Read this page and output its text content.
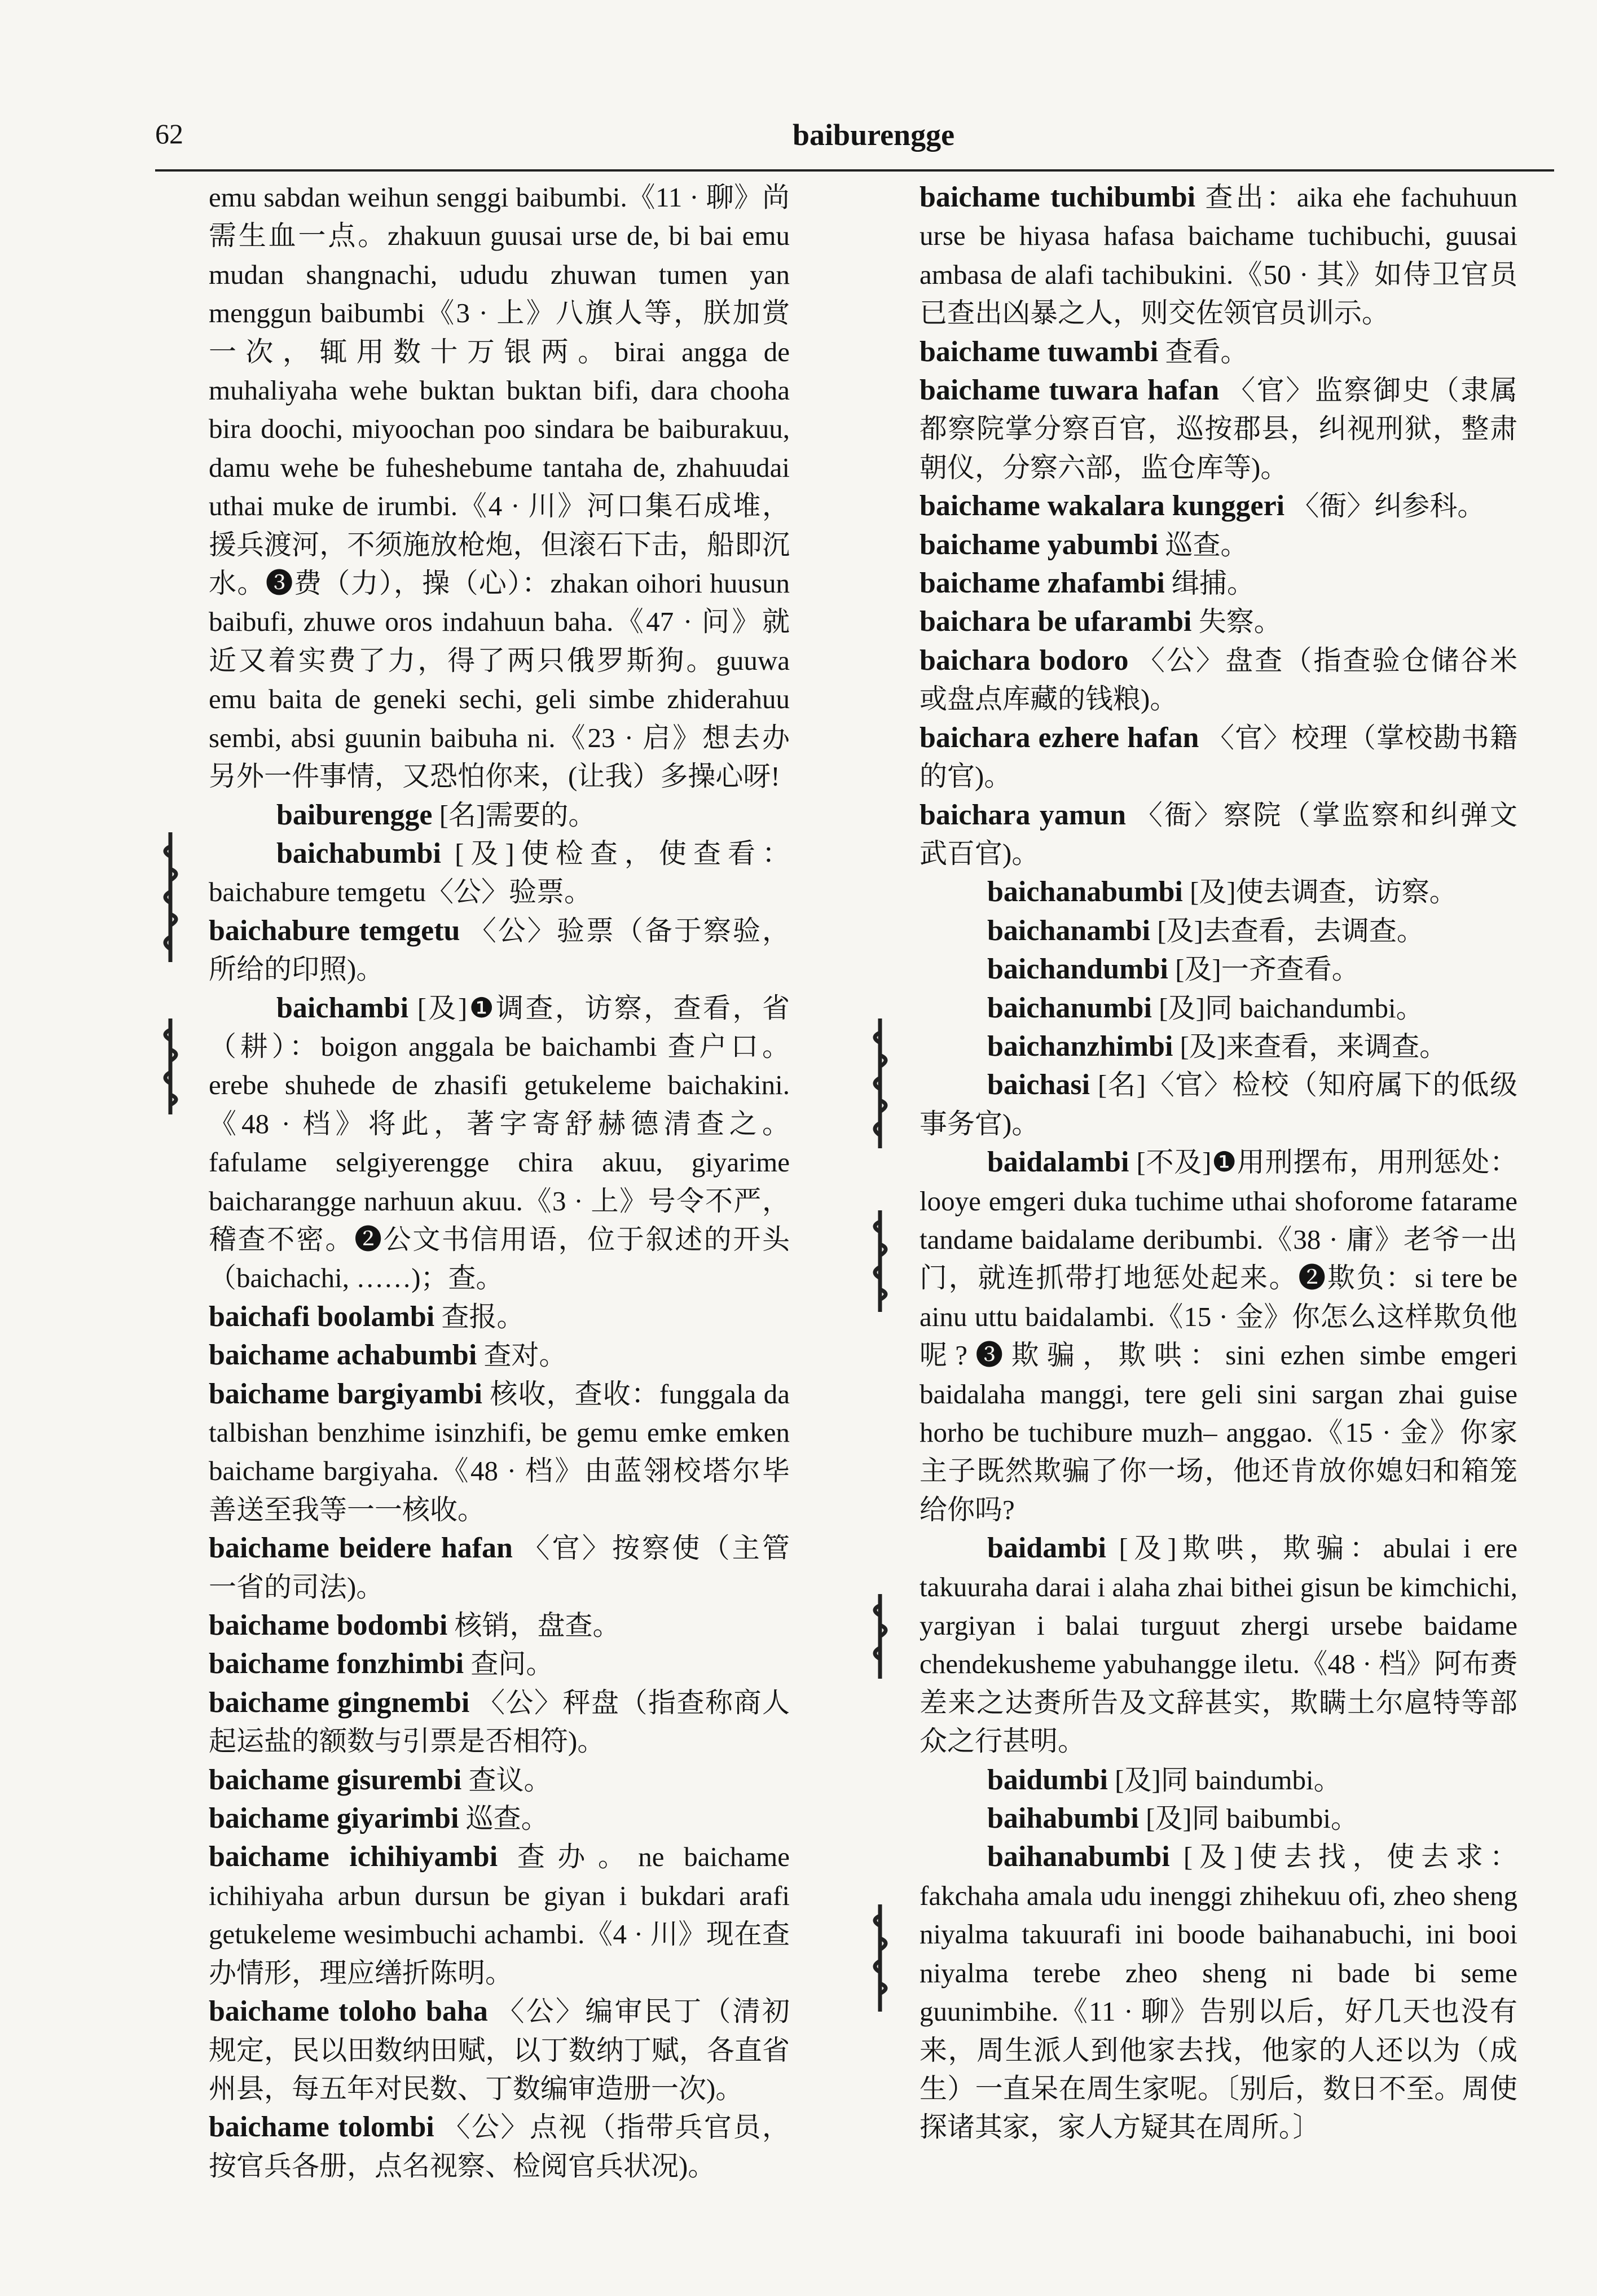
62	baiburengge

emu sabdan weihun senggi baibumbi.《11 · 聊》尚需生血一点。zhakuun guusai urse de, bi bai emu mudan shangnachi, ududu zhuwan tumen yan menggun baibumbi《3 · 上》八旗人等，朕加赏一次，辄用数十万银两。birai angga de muhaliyaha wehe buktan buktan bifi, dara chooha bira doochi, miyoochan poo sindara be baiburakuu, damu wehe be fuheshebume tantaha de, zhahuudai uthai muke de irumbi.《4 · 川》河口集石成堆，援兵渡河，不须施放枪炮，但滚石下击，船即沉水。❸费（力），操（心）：zhakan oihori huusun baibufi, zhuwe oros indahuun baha.《47 · 问》就近又着实费了力，得了两只俄罗斯狗。guuwa emu baita de geneki sechi, geli simbe zhiderahuu sembi, absi guunin baibuha ni.《23 · 启》想去办另外一件事情，又恐怕你来，(让我）多操心呀!

baiburengge [名]需要的。

baichabumbi [及]使检查，使查看：baichabure temgetu〈公〉验票。

baichabure temgetu 〈公〉验票（备于察验，所给的印照)。

baichambi [及]❶调查，访察，查看，省（耕）：boigon anggala be baichambi 查户口。erebe shuhede de zhasifi getukeleme baichakini.《48 · 档》将此，著字寄舒赫德清查之。fafulame selgiyerengge chira akuu, giyarime baicharangge narhuun akuu.《3 · 上》号令不严，稽查不密。❷公文书信用语，位于叙述的开头（baichachi, ……)；查。

baichafi boolambi 查报。

baichame achabumbi 查对。

baichame bargiyambi 核收，查收：funggala da talbishan benzhime isinzhifi, be gemu emke emken baichame bargiyaha.《48 · 档》由蓝翎校塔尔毕善送至我等一一核收。

baichame beidere hafan 〈官〉按察使（主管一省的司法)。

baichame bodombi 核销，盘查。

baichame fonzhimbi 查问。

baichame gingnembi 〈公〉秤盘（指查称商人起运盐的额数与引票是否相符)。

baichame gisurembi 查议。

baichame giyarimbi 巡查。

baichame ichihiyambi 查办。ne baichame ichihiyaha arbun dursun be giyan i bukdari arafi getukeleme wesimbuchi achambi.《4 · 川》现在查办情形，理应缮折陈明。

baichame toloho baha 〈公〉编审民丁（清初规定，民以田数纳田赋，以丁数纳丁赋，各直省州县，每五年对民数、丁数编审造册一次)。

baichame tolombi 〈公〉点视（指带兵官员，按官兵各册，点名视察、检阅官兵状况)。

baichame tuchibumbi 查出：aika ehe fachuhuun urse be hiyasa hafasa baichame tuchibuchi, guusai ambasa de alafi tachibukini.《50 · 其》如侍卫官员已查出凶暴之人，则交佐领官员训示。

baichame tuwambi 查看。

baichame tuwara hafan 〈官〉监察御史（隶属都察院掌分察百官，巡按郡县，纠视刑狱，整肃朝仪，分察六部，监仓库等)。

baichame wakalara kunggeri 〈衙〉纠参科。

baichame yabumbi 巡查。

baichame zhafambi 缉捕。

baichara be ufarambi 失察。

baichara bodoro 〈公〉盘查（指查验仓储谷米或盘点库藏的钱粮)。

baichara ezhere hafan 〈官〉校理（掌校勘书籍的官)。

baichara yamun 〈衙〉察院（掌监察和纠弹文武百官)。

baichanabumbi [及]使去调查，访察。

baichanambi [及]去查看，去调查。

baichandumbi [及]一齐查看。

baichanumbi [及]同 baichandumbi。

baichanzhimbi [及]来查看，来调查。

baichasi [名]〈官〉检校（知府属下的低级事务官)。

baidalambi [不及]❶用刑摆布，用刑惩处：looye emgeri duka tuchime uthai shoforome fatarame tandame baidalame deribumbi.《38 · 庸》老爷一出门，就连抓带打地惩处起来。❷欺负：si tere be ainu uttu baidalambi.《15 · 金》你怎么这样欺负他呢?❸欺骗，欺哄：sini ezhen simbe emgeri baidalaha manggi, tere geli sini sargan zhai guise horho be tuchibure muzh– anggao.《15 · 金》你家主子既然欺骗了你一场，他还肯放你媳妇和箱笼给你吗?

baidambi [及]欺哄，欺骗：abulai i ere takuuraha darai i alaha zhai bithei gisun be kimchichi, yargiyan i balai turguut zhergi ursebe baidame chendekusheme yabuhangge iletu.《48 · 档》阿布赉差来之达赉所告及文辞甚实，欺瞒土尔扈特等部众之行甚明。

baidumbi [及]同 baindumbi。

baihabumbi [及]同 baibumbi。

baihanabumbi [及]使去找，使去求：fakchaha amala udu inenggi zhihekuu ofi, zheo sheng niyalma takuurafi ini boode baihanabuchi, ini booi niyalma terebe zheo sheng ni bade bi seme guunimbihe.《11 · 聊》告别以后，好几天也没有来，周生派人到他家去找，他家的人还以为（成生）一直呆在周生家呢。〔别后，数日不至。周使探诸其家，家人方疑其在周所。〕
